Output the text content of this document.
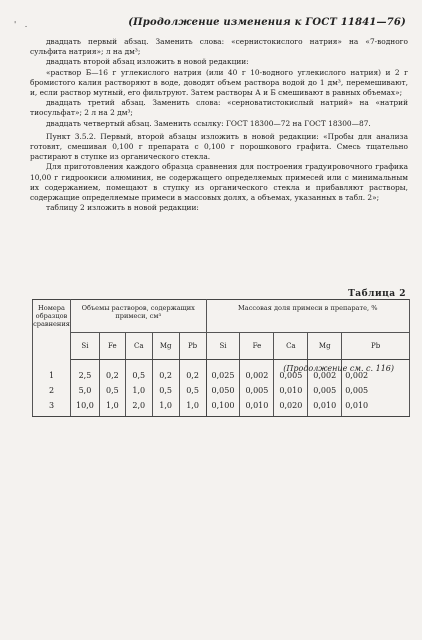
' .	(Продолжение изменения к ГОСТ 11841—76)

двадцать первый абзац. Заменить слова: «сернистокислого натрия» на «7-водного сульфита натрия»; л на дм³;

двадцать второй абзац изложить в новой редакции:

«раствор Б—16 г углекислого натрия (или 40 г 10-водного углекислого натрия) и 2 г бромистого калия растворяют в воде, доводят объем раствора водой до 1 дм³, перемешивают, и, если раствор мутный, его фильтруют. Затем растворы А и Б смешивают в равных объемах»;

двадцать третий абзац. Заменить слова: «серноватистокислый натрий» на «натрий тиосульфат»; 2 л на 2 дм³;

двадцать четвертый абзац. Заменить ссылку: ГОСТ 18300—72 на ГОСТ 18300—87.

Пункт 3.5.2. Первый, второй абзацы изложить в новой редакции: «Пробы для анализа готовят, смешивая 0,100 г препарата с 0,100 г порошкового графита. Смесь тщательно растирают в ступке из органического стекла.

Для приготовления каждого образца сравнения для построения градуировочного графика 10,00 г гидроокиси алюминия, не содержащего определяемых примесей или с минимальным их содержанием, помещают в ступку из органического стекла и прибавляют растворы, содержащие определяемые примеси в массовых долях, а объемах, указанных в табл. 2»;

таблицу 2 изложить в новой редакции:

Таблица 2
Номера образцов сравнения	Объемы растворов, содержащих примеси, см³					Массовая доля примеси в препарате, %				
	Si	Fe	Ca	Mg	Pb	Si	Fe	Ca	Mg	Pb
1	2,5	0,2	0,5	0,2	0,2	0,025	0,002	0,005	0,002	0,002
2	5,0	0,5	1,0	0,5	0,5	0,050	0,005	0,010	0,005	0,005
3	10,0	1,0	2,0	1,0	1,0	0,100	0,010	0,020	0,010	0,010
(Продолжение см. с. 116)
